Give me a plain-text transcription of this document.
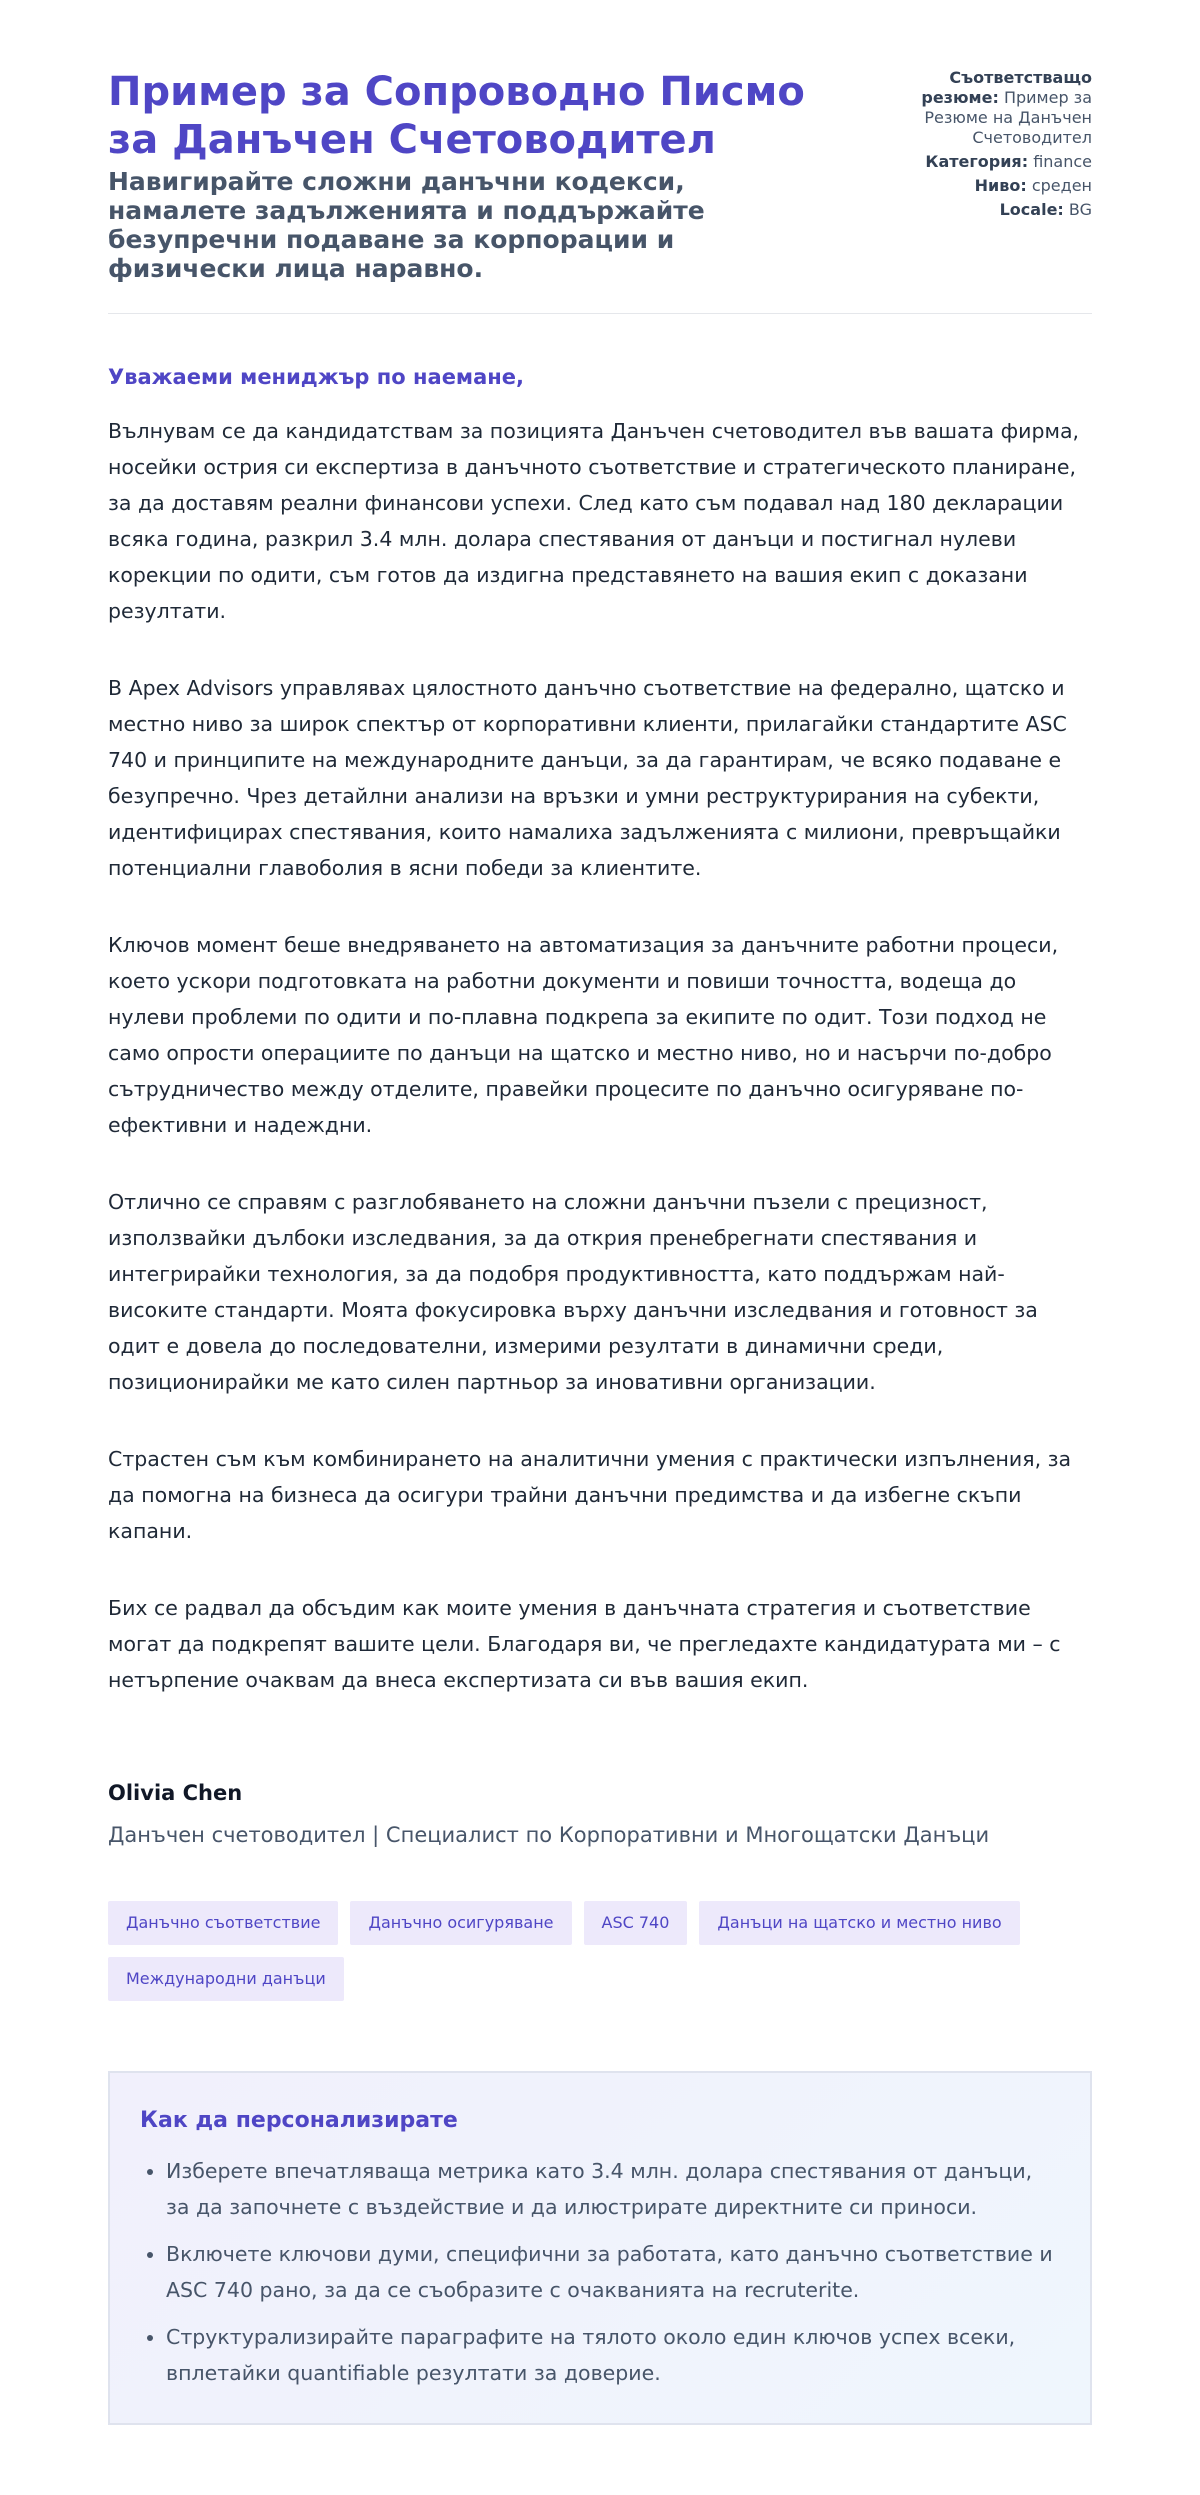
Пример за Сопроводно Писмо за Данъчен Счетоводител

Навигирайте сложни данъчни кодекси, намалете задълженията и поддържайте безупречни подаване за корпорации и физически лица наравно.

Съответстващо резюме: Пример за Резюме на Данъчен Счетоводител
Категория: finance
Ниво: среден
Locale: BG

Уважаеми мениджър по наемане,

Вълнувам се да кандидатствам за позицията Данъчен счетоводител във вашата фирма, носейки острия си експертиза в данъчното съответствие и стратегическото планиране, за да доставям реални финансови успехи. След като съм подавал над 180 декларации всяка година, разкрил 3.4 млн. долара спестявания от данъци и постигнал нулеви корекции по одити, съм готов да издигна представянето на вашия екип с доказани резултати.

В Apex Advisors управлявах цялостното данъчно съответствие на федерално, щатско и местно ниво за широк спектър от корпоративни клиенти, прилагайки стандартите ASC 740 и принципите на международните данъци, за да гарантирам, че всяко подаване е безупречно. Чрез детайлни анализи на връзки и умни реструктурирания на субекти, идентифицирах спестявания, които намалиха задълженията с милиони, превръщайки потенциални главоболия в ясни победи за клиентите.

Ключов момент беше внедряването на автоматизация за данъчните работни процеси, което ускори подготовката на работни документи и повиши точността, водеща до нулеви проблеми по одити и по-плавна подкрепа за екипите по одит. Този подход не само опрости операциите по данъци на щатско и местно ниво, но и насърчи по-добро сътрудничество между отделите, правейки процесите по данъчно осигуряване по-ефективни и надеждни.

Отлично се справям с разглобяването на сложни данъчни пъзели с прецизност, използвайки дълбоки изследвания, за да открия пренебрегнати спестявания и интегрирайки технология, за да подобря продуктивността, като поддържам най-високите стандарти. Моята фокусировка върху данъчни изследвания и готовност за одит е довела до последователни, измерими резултати в динамични среди, позиционирайки ме като силен партньор за иновативни организации.

Страстен съм към комбинирането на аналитични умения с практически изпълнения, за да помогна на бизнеса да осигури трайни данъчни предимства и да избегне скъпи капани.

Бих се радвал да обсъдим как моите умения в данъчната стратегия и съответствие могат да подкрепят вашите цели. Благодаря ви, че прегледахте кандидатурата ми – с нетърпение очаквам да внеса експертизата си във вашия екип.

Olivia Chen
Данъчен счетоводител | Специалист по Корпоративни и Многощатски Данъци
Данъчно съответствие	Данъчно осигуряване	ASC 740	Данъци на щатско и местно ниво
Международни данъци
Как да персонализирате
• Изберете впечатляваща метрика като 3.4 млн. долара спестявания от данъци, за да започнете с въздействие и да илюстрирате директните си приноси.
• Включете ключови думи, специфични за работата, като данъчно съответствие и ASC 740 рано, за да се съобразите с очакванията на recruterite.
• Структурализирайте параграфите на тялото около един ключов успех всеки, вплетайки quantifiable резултати за доверие.
